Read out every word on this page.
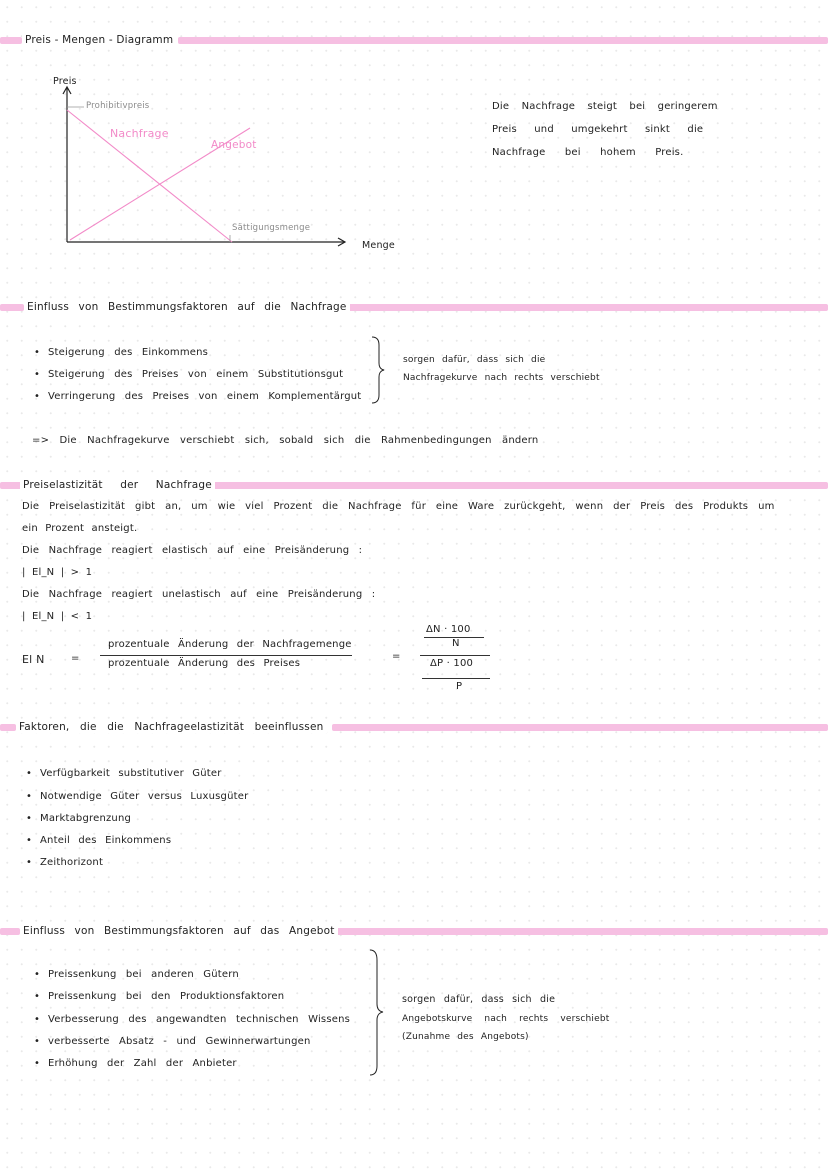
Preis - Mengen - Diagramm
Preis
Menge
Prohibitivpreis
Nachfrage
Angebot
Sättigungsmenge
Die Nachfrage steigt bei geringerem
Preis und umgekehrt sinkt die
Nachfrage bei hohem Preis.
Einfluss von Bestimmungsfaktoren auf die Nachfrage
• Steigerung des Einkommens
• Steigerung des Preises von einem Substitutionsgut
• Verringerung des Preises von einem Komplementärgut
sorgen dafür, dass sich die
Nachfragekurve nach rechts verschiebt
=> Die Nachfragekurve verschiebt sich, sobald sich die Rahmenbedingungen ändern
Preiselastizität der Nachfrage
Die Preiselastizität gibt an, um wie viel Prozent die Nachfrage für eine Ware zurückgeht, wenn der Preis des Produkts um
ein Prozent ansteigt.
Die Nachfrage reagiert elastisch auf eine Preisänderung :
| El_N | > 1
Die Nachfrage reagiert unelastisch auf eine Preisänderung :
| El_N | < 1
El N	=
prozentuale Änderung der Nachfragemenge
prozentuale Änderung des Preises
=
ΔN · 100
N
ΔP · 100
P
Faktoren, die die Nachfrageelastizität beeinflussen
• Verfügbarkeit substitutiver Güter
• Notwendige Güter versus Luxusgüter
• Marktabgrenzung
• Anteil des Einkommens
• Zeithorizont
Einfluss von Bestimmungsfaktoren auf das Angebot
• Preissenkung bei anderen Gütern
• Preissenkung bei den Produktionsfaktoren
• Verbesserung des angewandten technischen Wissens
• verbesserte Absatz - und Gewinnerwartungen
• Erhöhung der Zahl der Anbieter
sorgen dafür, dass sich die
Angebotskurve nach rechts verschiebt
(Zunahme des Angebots)
